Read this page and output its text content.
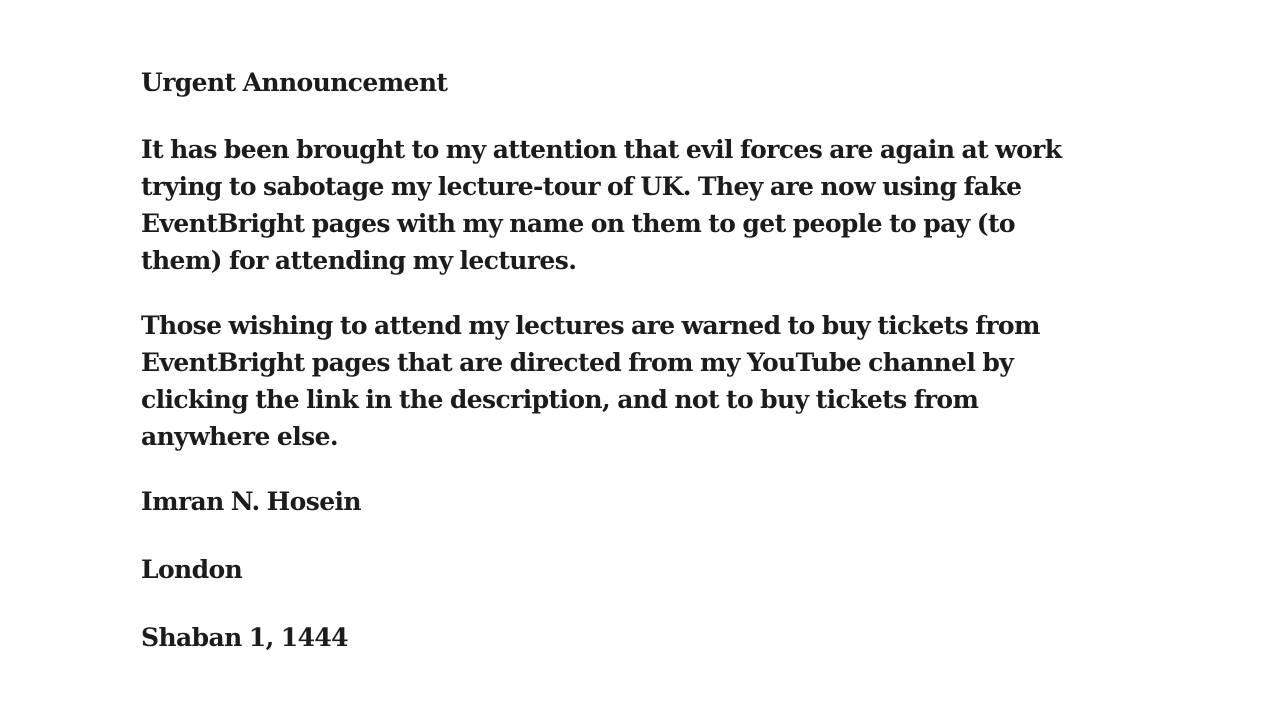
Urgent Announcement
It has been brought to my attention that evil forces are again at work
trying to sabotage my lecture-tour of UK. They are now using fake
EventBright pages with my name on them to get people to pay (to
them) for attending my lectures.
Those wishing to attend my lectures are warned to buy tickets from
EventBright pages that are directed from my YouTube channel by
clicking the link in the description, and not to buy tickets from
anywhere else.
Imran N. Hosein
London
Shaban 1, 1444
